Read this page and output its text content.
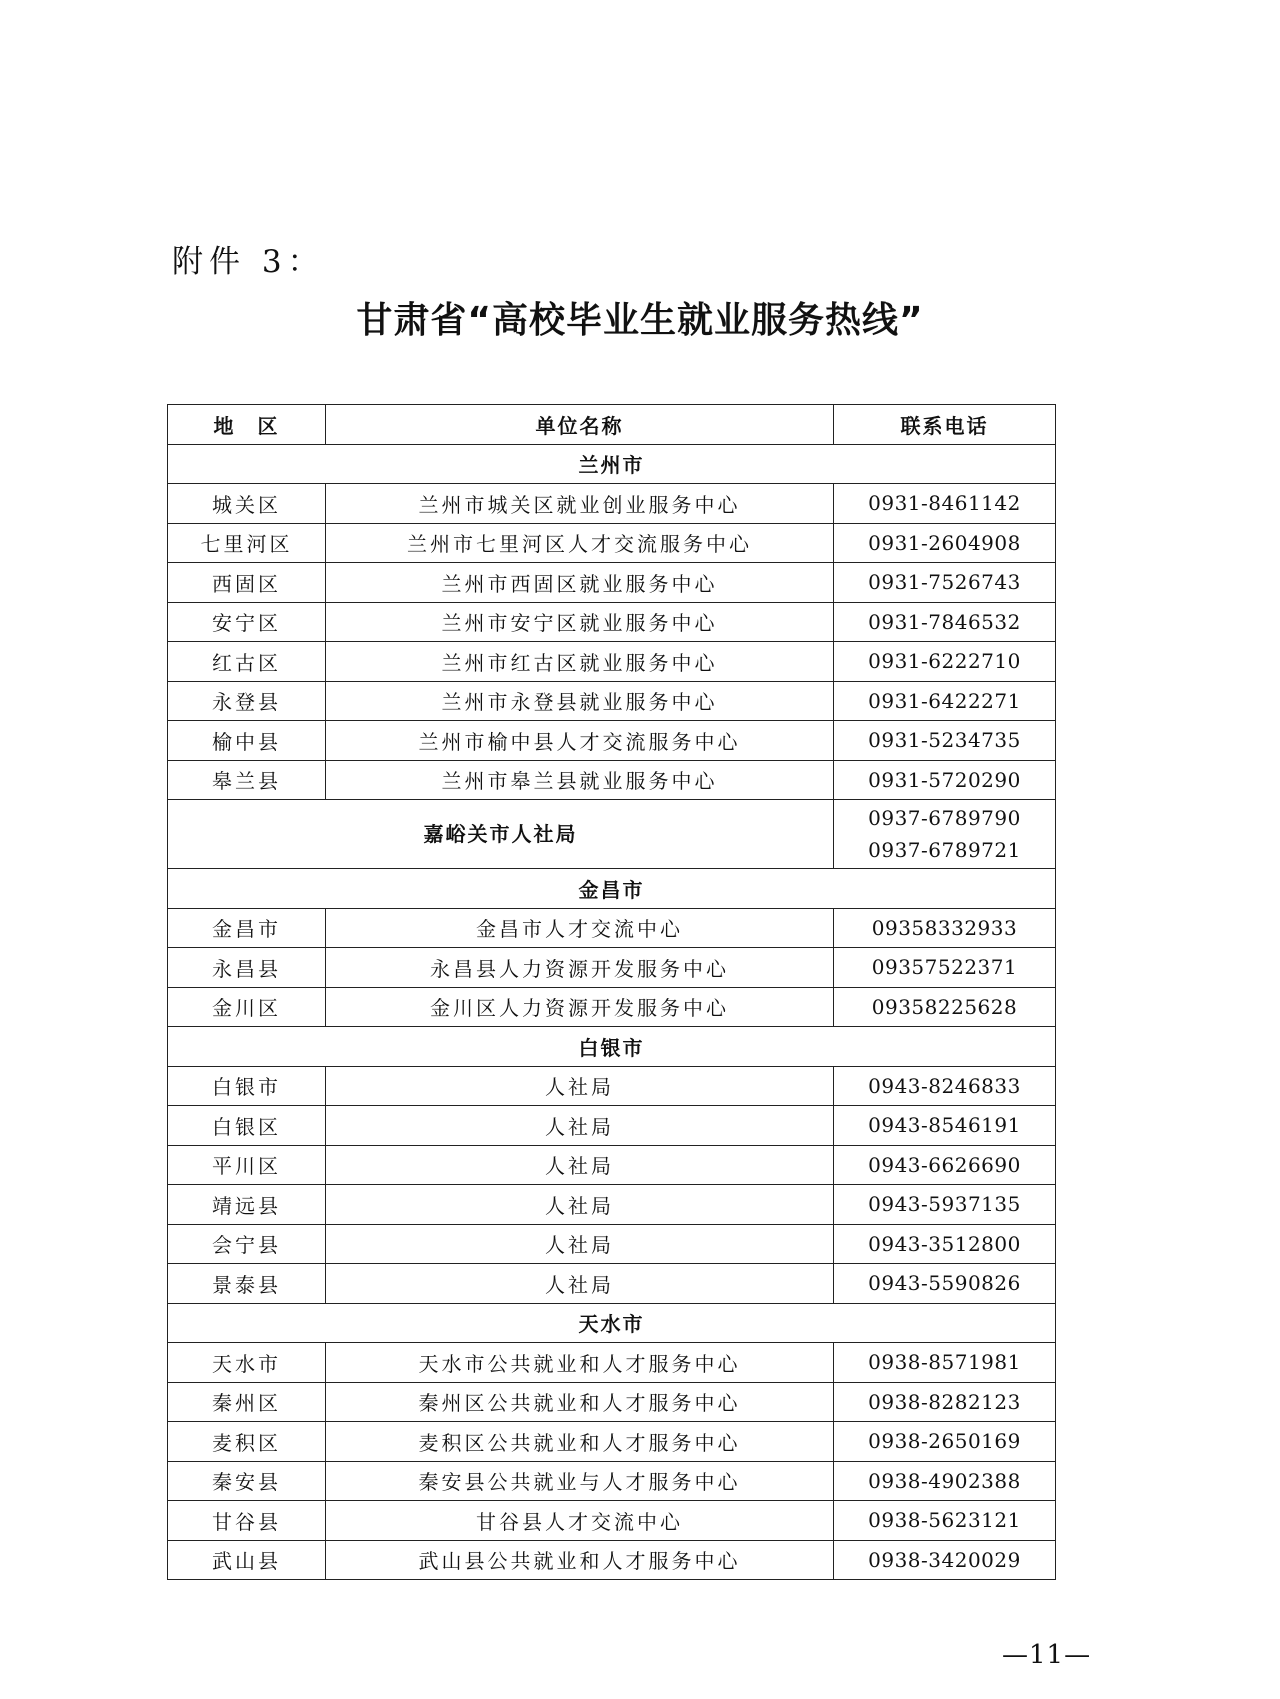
附件 3：
甘肃省“高校毕业生就业服务热线”
地　区	单位名称	联系电话
兰州市		
城关区	兰州市城关区就业创业服务中心	0931-8461142
七里河区	兰州市七里河区人才交流服务中心	0931-2604908
西固区	兰州市西固区就业服务中心	0931-7526743
安宁区	兰州市安宁区就业服务中心	0931-7846532
红古区	兰州市红古区就业服务中心	0931-6222710
永登县	兰州市永登县就业服务中心	0931-6422271
榆中县	兰州市榆中县人才交流服务中心	0931-5234735
皋兰县	兰州市皋兰县就业服务中心	0931-5720290
嘉峪关市人社局		0937-6789790
0937-6789721

金昌市		
金昌市	金昌市人才交流中心	09358332933
永昌县	永昌县人力资源开发服务中心	09357522371
金川区	金川区人力资源开发服务中心	09358225628
白银市		
白银市	人社局	0943-8246833
白银区	人社局	0943-8546191
平川区	人社局	0943-6626690
靖远县	人社局	0943-5937135
会宁县	人社局	0943-3512800
景泰县	人社局	0943-5590826
天水市		
天水市	天水市公共就业和人才服务中心	0938-8571981
秦州区	秦州区公共就业和人才服务中心	0938-8282123
麦积区	麦积区公共就业和人才服务中心	0938-2650169
秦安县	秦安县公共就业与人才服务中心	0938-4902388
甘谷县	甘谷县人才交流中心	0938-5623121
武山县	武山县公共就业和人才服务中心	0938-3420029
—11—
